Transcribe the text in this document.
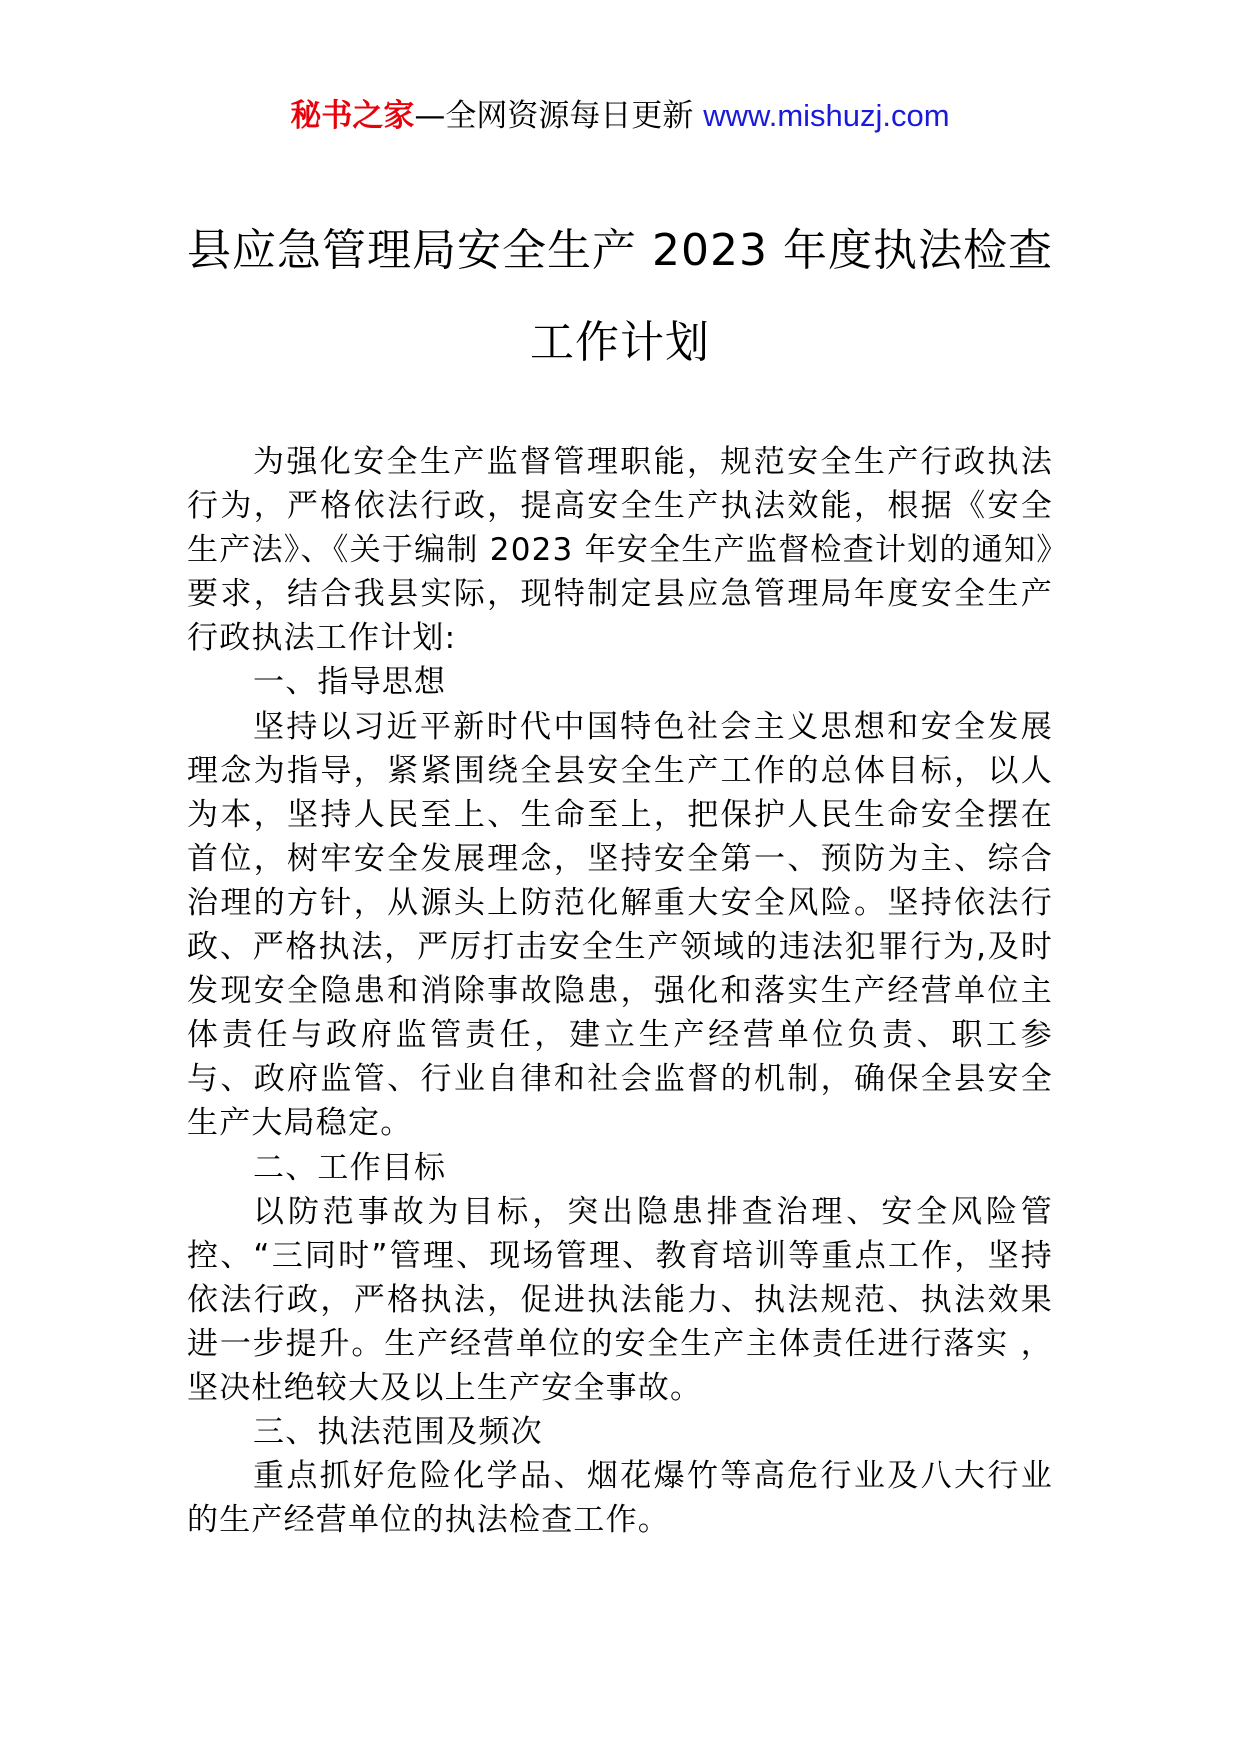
秘书之家—全网资源每日更新 www.mishuzj.com
县应急管理局安全生产 2023 年度执法检查
工作计划

为强化安全生产监督管理职能，规范安全生产行政执法行为，严格依法行政，提高安全生产执法效能，根据《安全生产法》、《关于编制 2023 年安全生产监督检查计划的通知》要求，结合我县实际，现特制定县应急管理局年度安全生产行政执法工作计划:

一、指导思想

坚持以习近平新时代中国特色社会主义思想和安全发展理念为指导，紧紧围绕全县安全生产工作的总体目标，以人为本，坚持人民至上、生命至上，把保护人民生命安全摆在首位，树牢安全发展理念，坚持安全第一、预防为主、综合治理的方针，从源头上防范化解重大安全风险。坚持依法行政、严格执法，严厉打击安全生产领域的违法犯罪行为,及时发现安全隐患和消除事故隐患，强化和落实生产经营单位主体责任与政府监管责任，建立生产经营单位负责、职工参与、政府监管、行业自律和社会监督的机制，确保全县安全生产大局稳定。

二、工作目标

以防范事故为目标，突出隐患排查治理、安全风险管控、“三同时”管理、现场管理、教育培训等重点工作，坚持依法行政，严格执法，促进执法能力、执法规范、执法效果进一步提升。生产经营单位的安全生产主体责任进行落实 ，坚决杜绝较大及以上生产安全事故。

三、执法范围及频次

重点抓好危险化学品、烟花爆竹等高危行业及八大行业的生产经营单位的执法检查工作。
